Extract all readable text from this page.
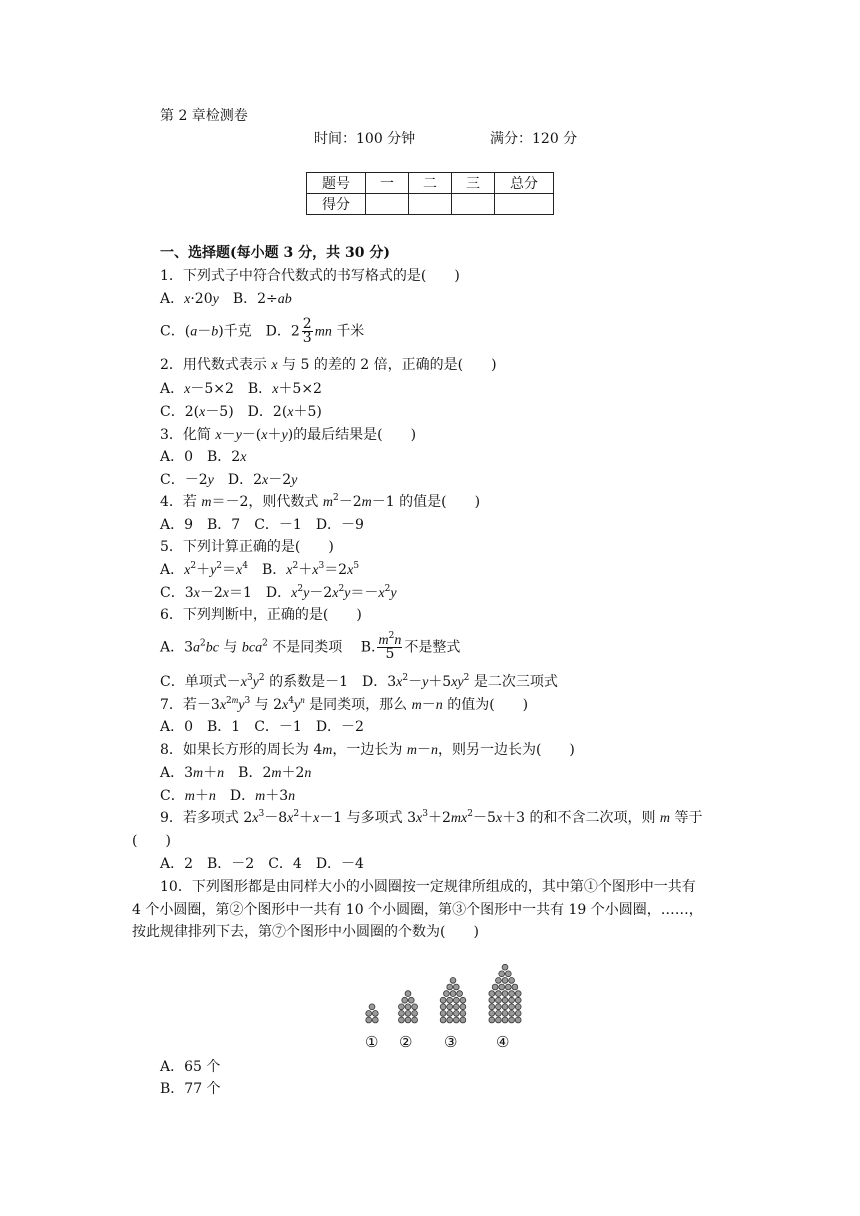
第 2 章检测卷
时间：100 分钟	满分：120 分
题号	一	二	三	总分
得分				
一、选择题(每小题 3 分，共 30 分)
1．下列式子中符合代数式的书写格式的是(　　)
A．x·20y　B．2÷ab
C．(a－b)千克　D．$2 \frac{2}{3}$ mn 千米
2．用代数式表示 x 与 5 的差的 2 倍，正确的是(　　)
A．x－5×2　B．x＋5×2
C．2(x－5)　D．2(x＋5)
3．化简 x－y－(x＋y)的最后结果是(　　)
A．0　B．2x
C．－2y　D．2x－2y
4．若 m＝－2，则代数式 $m^2-2m-1$ 的值是(　　)
A．9　B．7　C．－1　D．－9
5．下列计算正确的是(　　)
A．$x^2+y^2=x^4$　B．$x^2+x^3=2x^5$
C．3x－2x＝1　D．$x^2y-2x^2y=-x^2y$
6．下列判断中，正确的是(　　)
A．$3a^2bc$ 与 bca$^2$ 不是同类项　 B. $\frac{m^2n}{5}$ 不是整式
C．单项式$-x^3y^2$ 的系数是－1　D．$3x^2-y+5xy^2$ 是二次三项式
7．若$-3x^{2m}y^3$ 与 $2x^4y^n$ 是同类项，那么 m－n 的值为(　　)
A．0　B．1　C．－1　D．－2
8．如果长方形的周长为 4m，一边长为 m－n，则另一边长为(　　)
A．3m＋n　B．2m＋2n
C．m＋n　D．m＋3n
9．若多项式 $2x^3-8x^2+x-1$ 与多项式 $3x^3+2mx^2-5x+3$ 的和不含二次项，则 m 等于
(　　)
A．2　B．－2　C．4　D．－4
10．下列图形都是由同样大小的小圆圈按一定规律所组成的，其中第①个图形中一共有
4 个小圆圈，第②个图形中一共有 10 个小圆圈，第③个图形中一共有 19 个小圆圈，……，
按此规律排列下去，第⑦个图形中小圆圈的个数为(　　)
① ② ③	④
A．65 个
B．77 个
